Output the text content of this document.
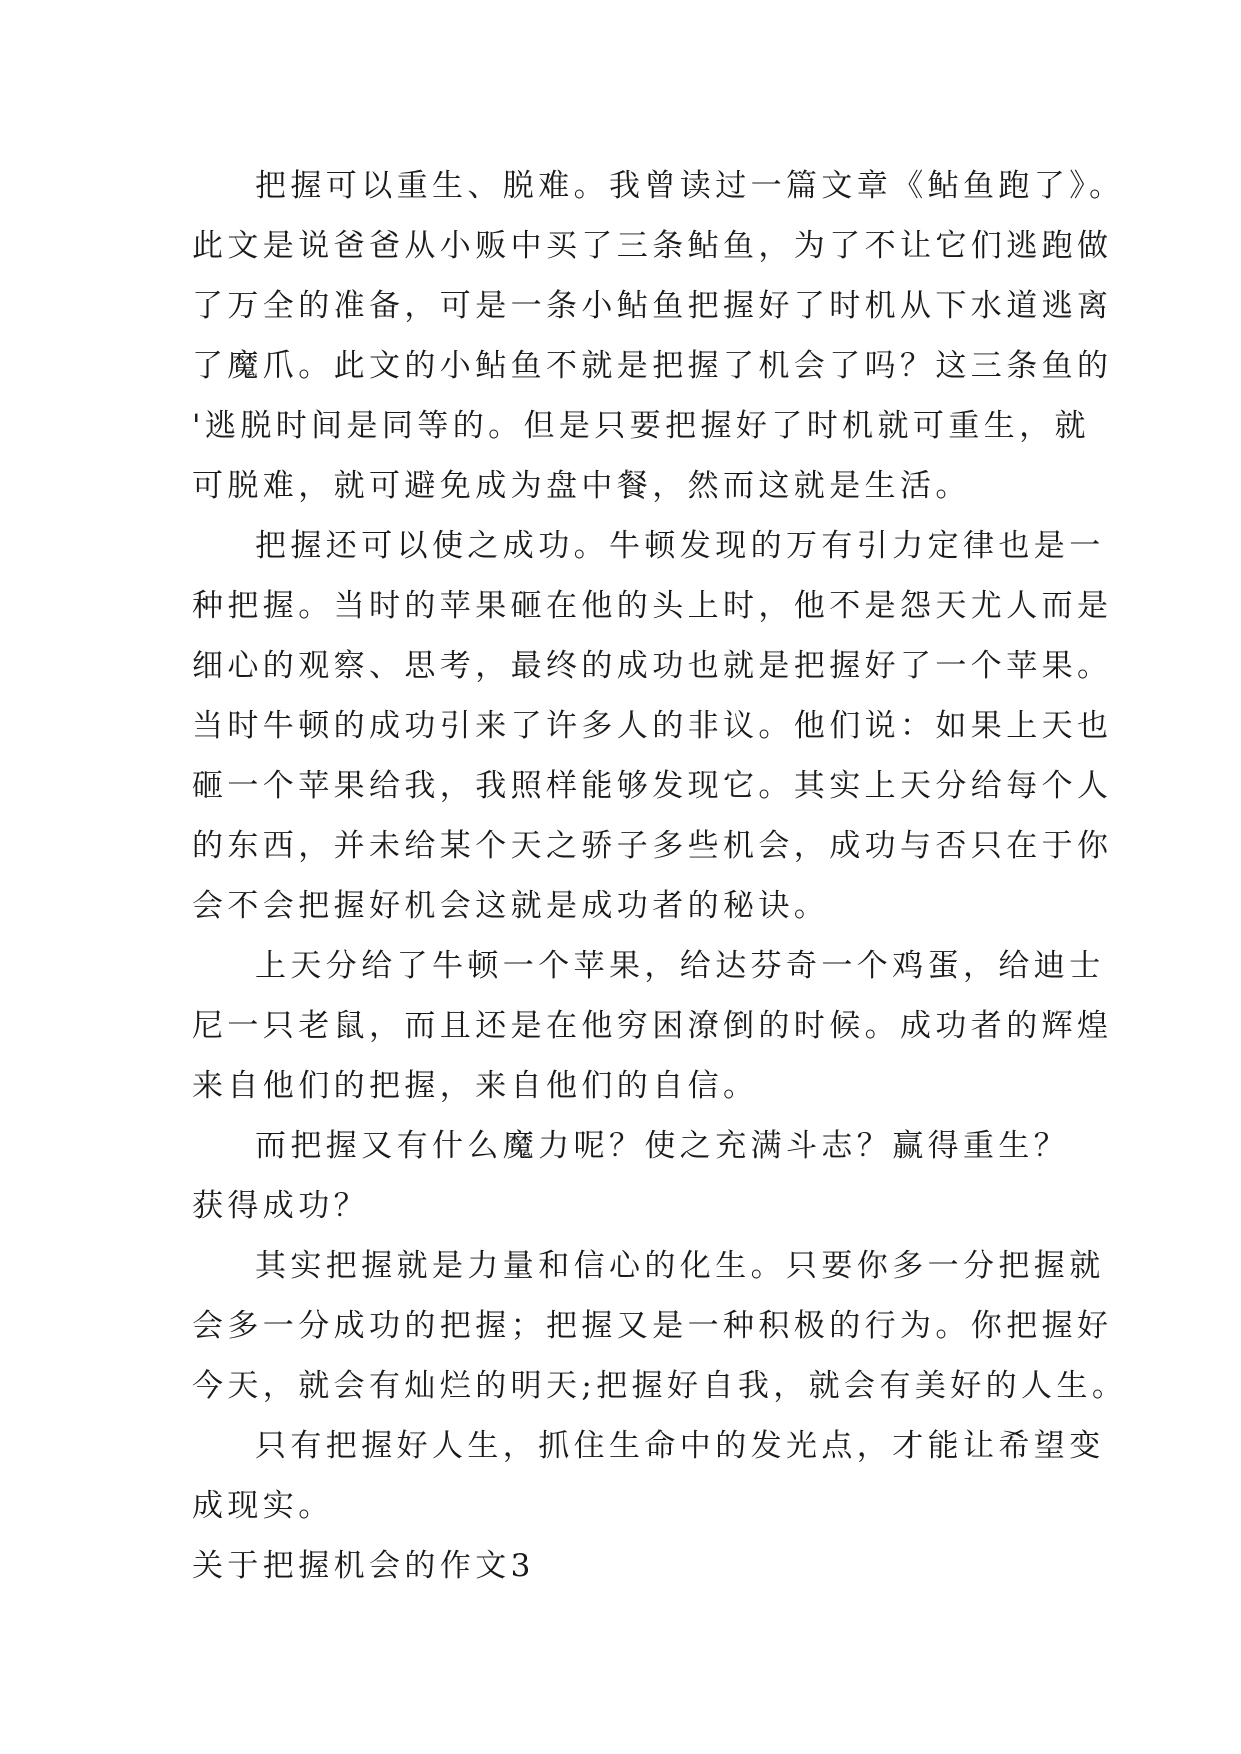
把握可以重生、脱难。我曾读过一篇文章《鲇鱼跑了》。
此文是说爸爸从小贩中买了三条鲇鱼，为了不让它们逃跑做
了万全的准备，可是一条小鲇鱼把握好了时机从下水道逃离
了魔爪。此文的小鲇鱼不就是把握了机会了吗？这三条鱼的
'逃脱时间是同等的。但是只要把握好了时机就可重生，就
可脱难，就可避免成为盘中餐，然而这就是生活。
把握还可以使之成功。牛顿发现的万有引力定律也是一
种把握。当时的苹果砸在他的头上时，他不是怨天尤人而是
细心的观察、思考，最终的成功也就是把握好了一个苹果。
当时牛顿的成功引来了许多人的非议。他们说：如果上天也
砸一个苹果给我，我照样能够发现它。其实上天分给每个人
的东西，并未给某个天之骄子多些机会，成功与否只在于你
会不会把握好机会这就是成功者的秘诀。
上天分给了牛顿一个苹果，给达芬奇一个鸡蛋，给迪士
尼一只老鼠，而且还是在他穷困潦倒的时候。成功者的辉煌
来自他们的把握，来自他们的自信。
而把握又有什么魔力呢？使之充满斗志？赢得重生？
获得成功？
其实把握就是力量和信心的化生。只要你多一分把握就
会多一分成功的把握；把握又是一种积极的行为。你把握好
今天，就会有灿烂的明天;把握好自我，就会有美好的人生。
只有把握好人生，抓住生命中的发光点，才能让希望变
成现实。
关于把握机会的作文3
